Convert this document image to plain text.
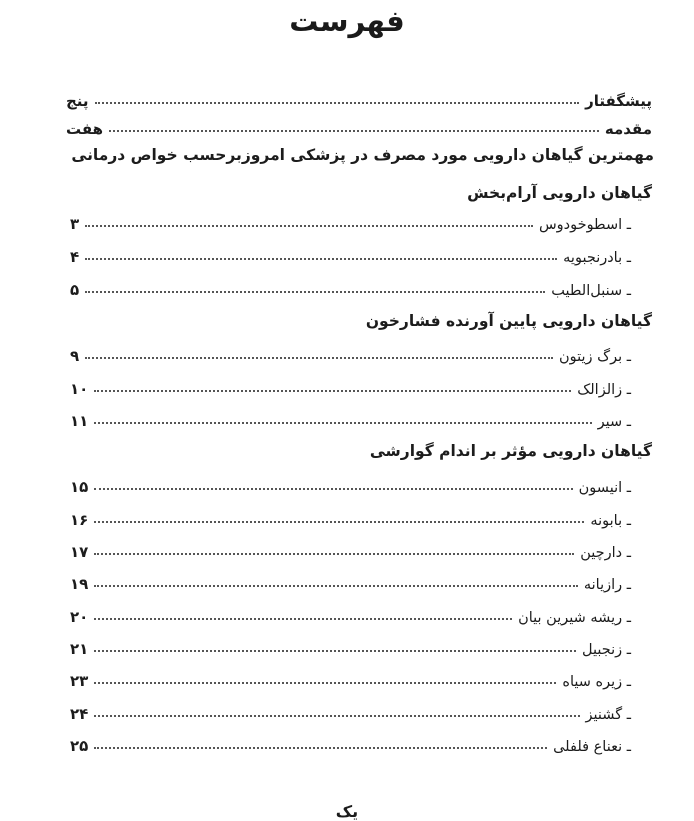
فهرست
پیشگفتار
پنج
مقدمه
هفت
مهمترین گیاهان دارویی مورد مصرف در پزشکی امروزبرحسب خواص درمانی
گیاهان دارویی آرام‌بخش
ـ اسطوخودوس
۳
ـ بادرنجبویه
۴
ـ سنبل‌الطیب
۵
گیاهان دارویی پایین آورنده فشارخون
ـ برگ زیتون
۹
ـ زالزالک
۱۰
ـ سیر
۱۱
گیاهان دارویی مؤثر بر اندام گوارشی
ـ انیسون
۱۵
ـ بابونه
۱۶
ـ دارچین
۱۷
ـ رازیانه
۱۹
ـ ریشه شیرین بیان
۲۰
ـ زنجبیل
۲۱
ـ زیره سیاه
۲۳
ـ گشنیز
۲۴
ـ نعناع فلفلی
۲۵
یک
